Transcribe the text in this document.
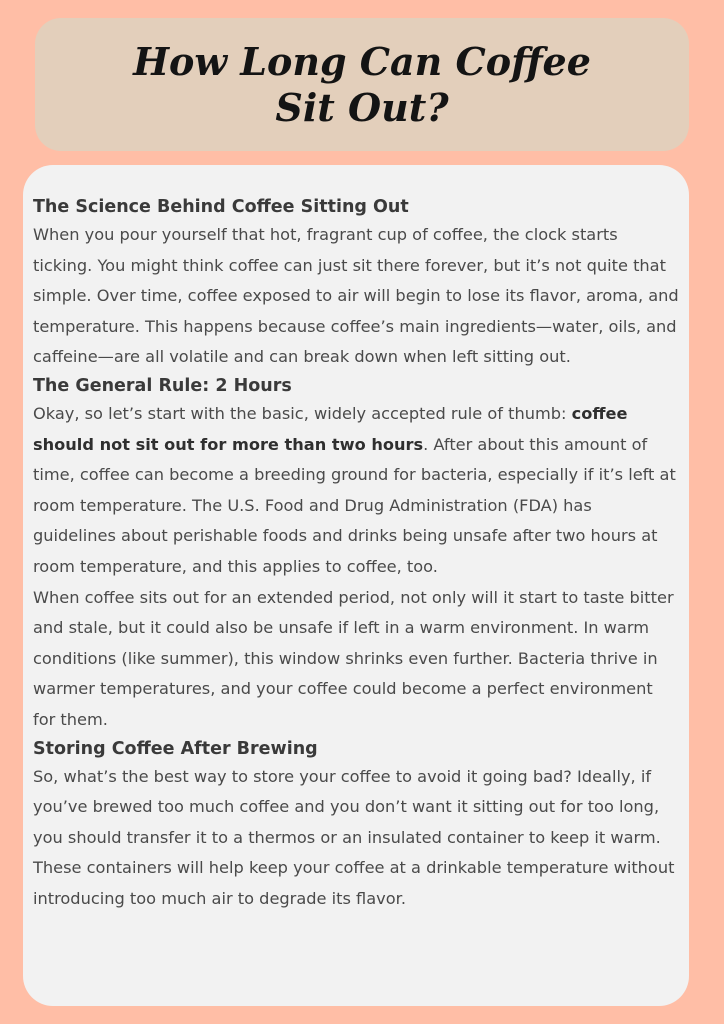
How Long Can Coffee Sit Out?
The Science Behind Coffee Sitting Out

When you pour yourself that hot, fragrant cup of coffee, the clock starts ticking. You might think coffee can just sit there forever, but it’s not quite that simple. Over time, coffee exposed to air will begin to lose its flavor, aroma, and temperature. This happens because coffee’s main ingredients—water, oils, and caffeine—are all volatile and can break down when left sitting out.

The General Rule: 2 Hours

Okay, so let’s start with the basic, widely accepted rule of thumb: coffee should not sit out for more than two hours. After about this amount of time, coffee can become a breeding ground for bacteria, especially if it’s left at room temperature. The U.S. Food and Drug Administration (FDA) has guidelines about perishable foods and drinks being unsafe after two hours at room temperature, and this applies to coffee, too.

When coffee sits out for an extended period, not only will it start to taste bitter and stale, but it could also be unsafe if left in a warm environment. In warm conditions (like summer), this window shrinks even further. Bacteria thrive in warmer temperatures, and your coffee could become a perfect environment for them.

Storing Coffee After Brewing

So, what’s the best way to store your coffee to avoid it going bad? Ideally, if you’ve brewed too much coffee and you don’t want it sitting out for too long, you should transfer it to a thermos or an insulated container to keep it warm. These containers will help keep your coffee at a drinkable temperature without introducing too much air to degrade its flavor.
